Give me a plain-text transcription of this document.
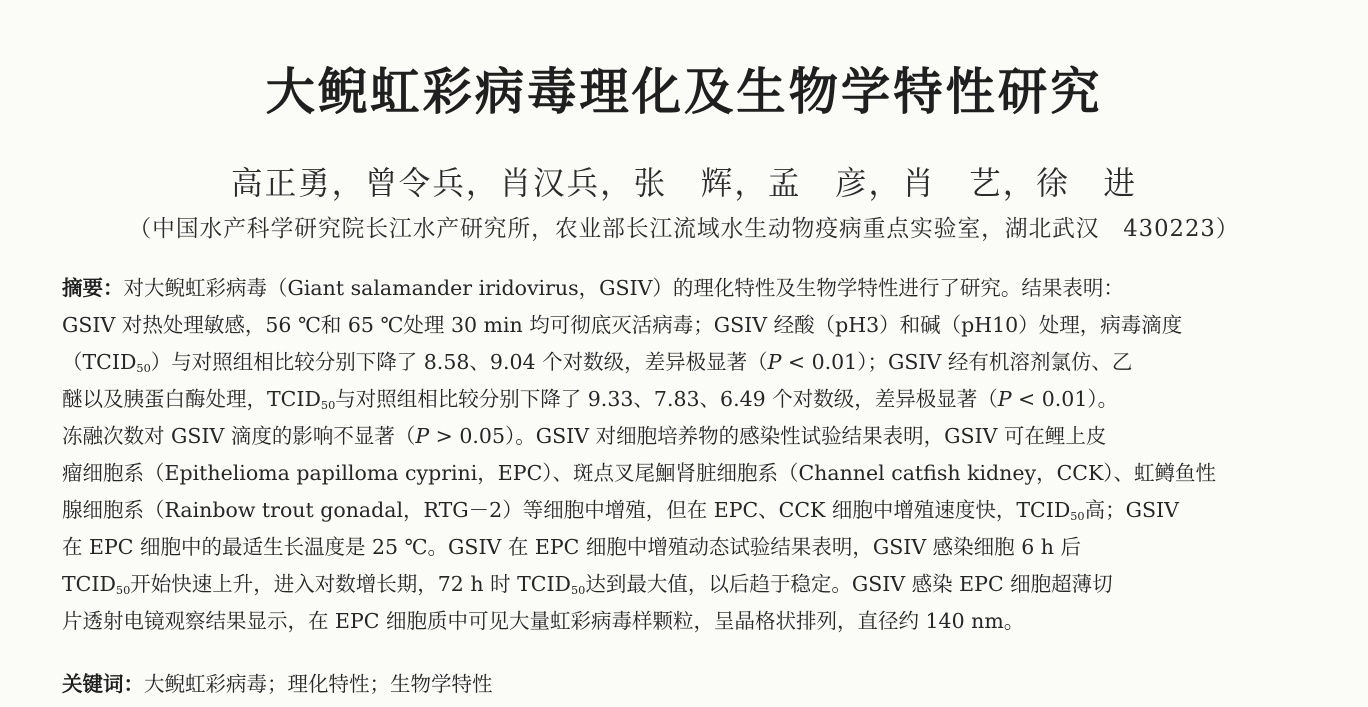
大鲵虹彩病毒理化及生物学特性研究
高正勇，曾令兵，肖汉兵，张　辉，孟　彦，肖　艺，徐　进
（中国水产科学研究院长江水产研究所，农业部长江流域水生动物疫病重点实验室，湖北武汉　430223）
摘要：对大鲵虹彩病毒（Giant salamander iridovirus，GSIV）的理化特性及生物学特性进行了研究。结果表明：
GSIV 对热处理敏感，56 ℃和 65 ℃处理 30 min 均可彻底灭活病毒；GSIV 经酸（pH3）和碱（pH10）处理，病毒滴度
$(TCID_{50})$与对照组相比较分别下降了 8.58、9.04 个对数级，差异极显著（P < 0.01）；GSIV 经有机溶剂氯仿、乙
醚以及胰蛋白酶处理，$TCID_{50}$与对照组相比较分别下降了 9.33、7.83、6.49 个对数级，差异极显著（P < 0.01）。
冻融次数对 GSIV 滴度的影响不显著（P > 0.05）。GSIV 对细胞培养物的感染性试验结果表明，GSIV 可在鲤上皮
瘤细胞系（Epithelioma papilloma cyprini，EPC）、斑点叉尾鮰肾脏细胞系（Channel catfish kidney，CCK）、虹鳟鱼性
腺细胞系（Rainbow trout gonadal，RTG－2）等细胞中增殖，但在 EPC、CCK 细胞中增殖速度快，$TCID_{50}$高；GSIV
在 EPC 细胞中的最适生长温度是 25 ℃。GSIV 在 EPC 细胞中增殖动态试验结果表明，GSIV 感染细胞 6 h 后
$TCID_{50}$开始快速上升，进入对数增长期，72 h 时 $TCID_{50}$达到最大值，以后趋于稳定。GSIV 感染 EPC 细胞超薄切
片透射电镜观察结果显示，在 EPC 细胞质中可见大量虹彩病毒样颗粒，呈晶格状排列，直径约 140 nm。
关键词：大鲵虹彩病毒；理化特性；生物学特性
